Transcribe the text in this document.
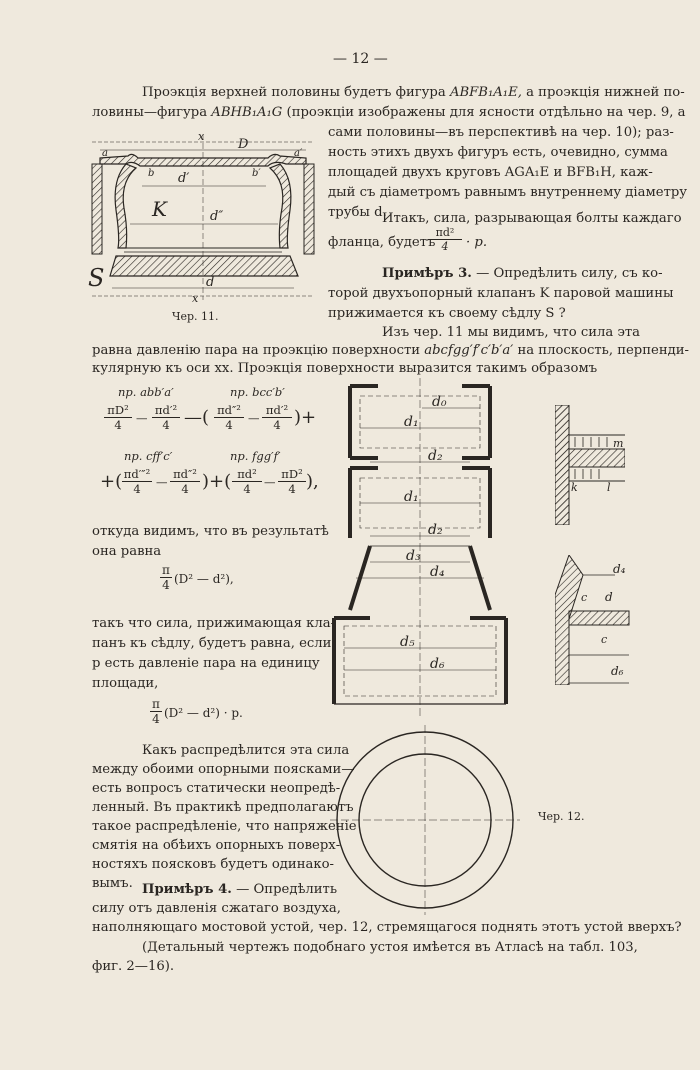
— 12 —
Проэкція верхней половины будетъ фигура ABFB₁A₁E, а проэкція нижней по-
ловины—фигура ABHB₁A₁G (проэкціи изображены для ясности отдѣльно на чер. 9, а
сами половины—въ перспективѣ на чер. 10); раз-
ность этихъ двухъ фигуръ есть, очевидно, сумма
площадей двухъ круговъ AGA₁E и BFB₁H, каж-
дый съ діаметромъ равнымъ внутреннему діаметру
трубы d.
Итакъ, сила, разрывающая болты каждаго
фланца, будетъ
πd²
4	· p.
Примѣръ 3. — Опредѣлить силу, съ ко-
торой двухъопорный клапанъ K паровой машины
прижимается къ своему сѣдлу S ?
Изъ чер. 11 мы видимъ, что сила эта
равна давленію пара на проэкцію поверхности abcfgg′f′c′b′a′ на плоскость, перпенди-
кулярную къ оси xx. Проэкція поверхности выразится такимъ образомъ
пр. abb′a′	пр. bcc′b′
πD²
4	—
πd′²
4 —( πd″²
4	—
πd′²
4 )+
пр. cff′c′	пр. fgg′f′
+( πd′″²
4	—
πd″²
4 )+( πd²
4	—
πD²
4 ),
откуда видимъ, что въ результатѣ
она равна
π
4 (D² — d²),
такъ что сила, прижимающая кла-
панъ къ сѣдлу, будетъ равна, если
p есть давленіе пара на единицу
площади,
π
4 (D² — d²) · p.
Какъ распредѣлится эта сила
между обоими опорными поясками—
есть вопросъ статически неопредѣ-
ленный. Въ практикѣ предполагаютъ
такое распредѣленіе, что напряженіе
смятія на обѣихъ опорныхъ поверх-
ностяхъ поясковъ будетъ одинако-
вымъ. Примѣръ 4. — Опредѣлить
силу отъ давленія сжатаго воздуха,
наполняющаго мостовой устой, чер. 12, стремящагося поднять этотъ устой вверхъ?
(Детальный чертежъ подобнаго устоя имѣется въ Атласѣ на табл. 103,
фиг. 2—16).
x
D
a	a′
b	b′
d′
K	d″
S	d
x
Чер. 11.
d₀
d₁
d₂
d₁
d₂
d₃
d₄
d₅
d₆
m
k	l
d₄
c d
c
d₆
Чер. 12.
